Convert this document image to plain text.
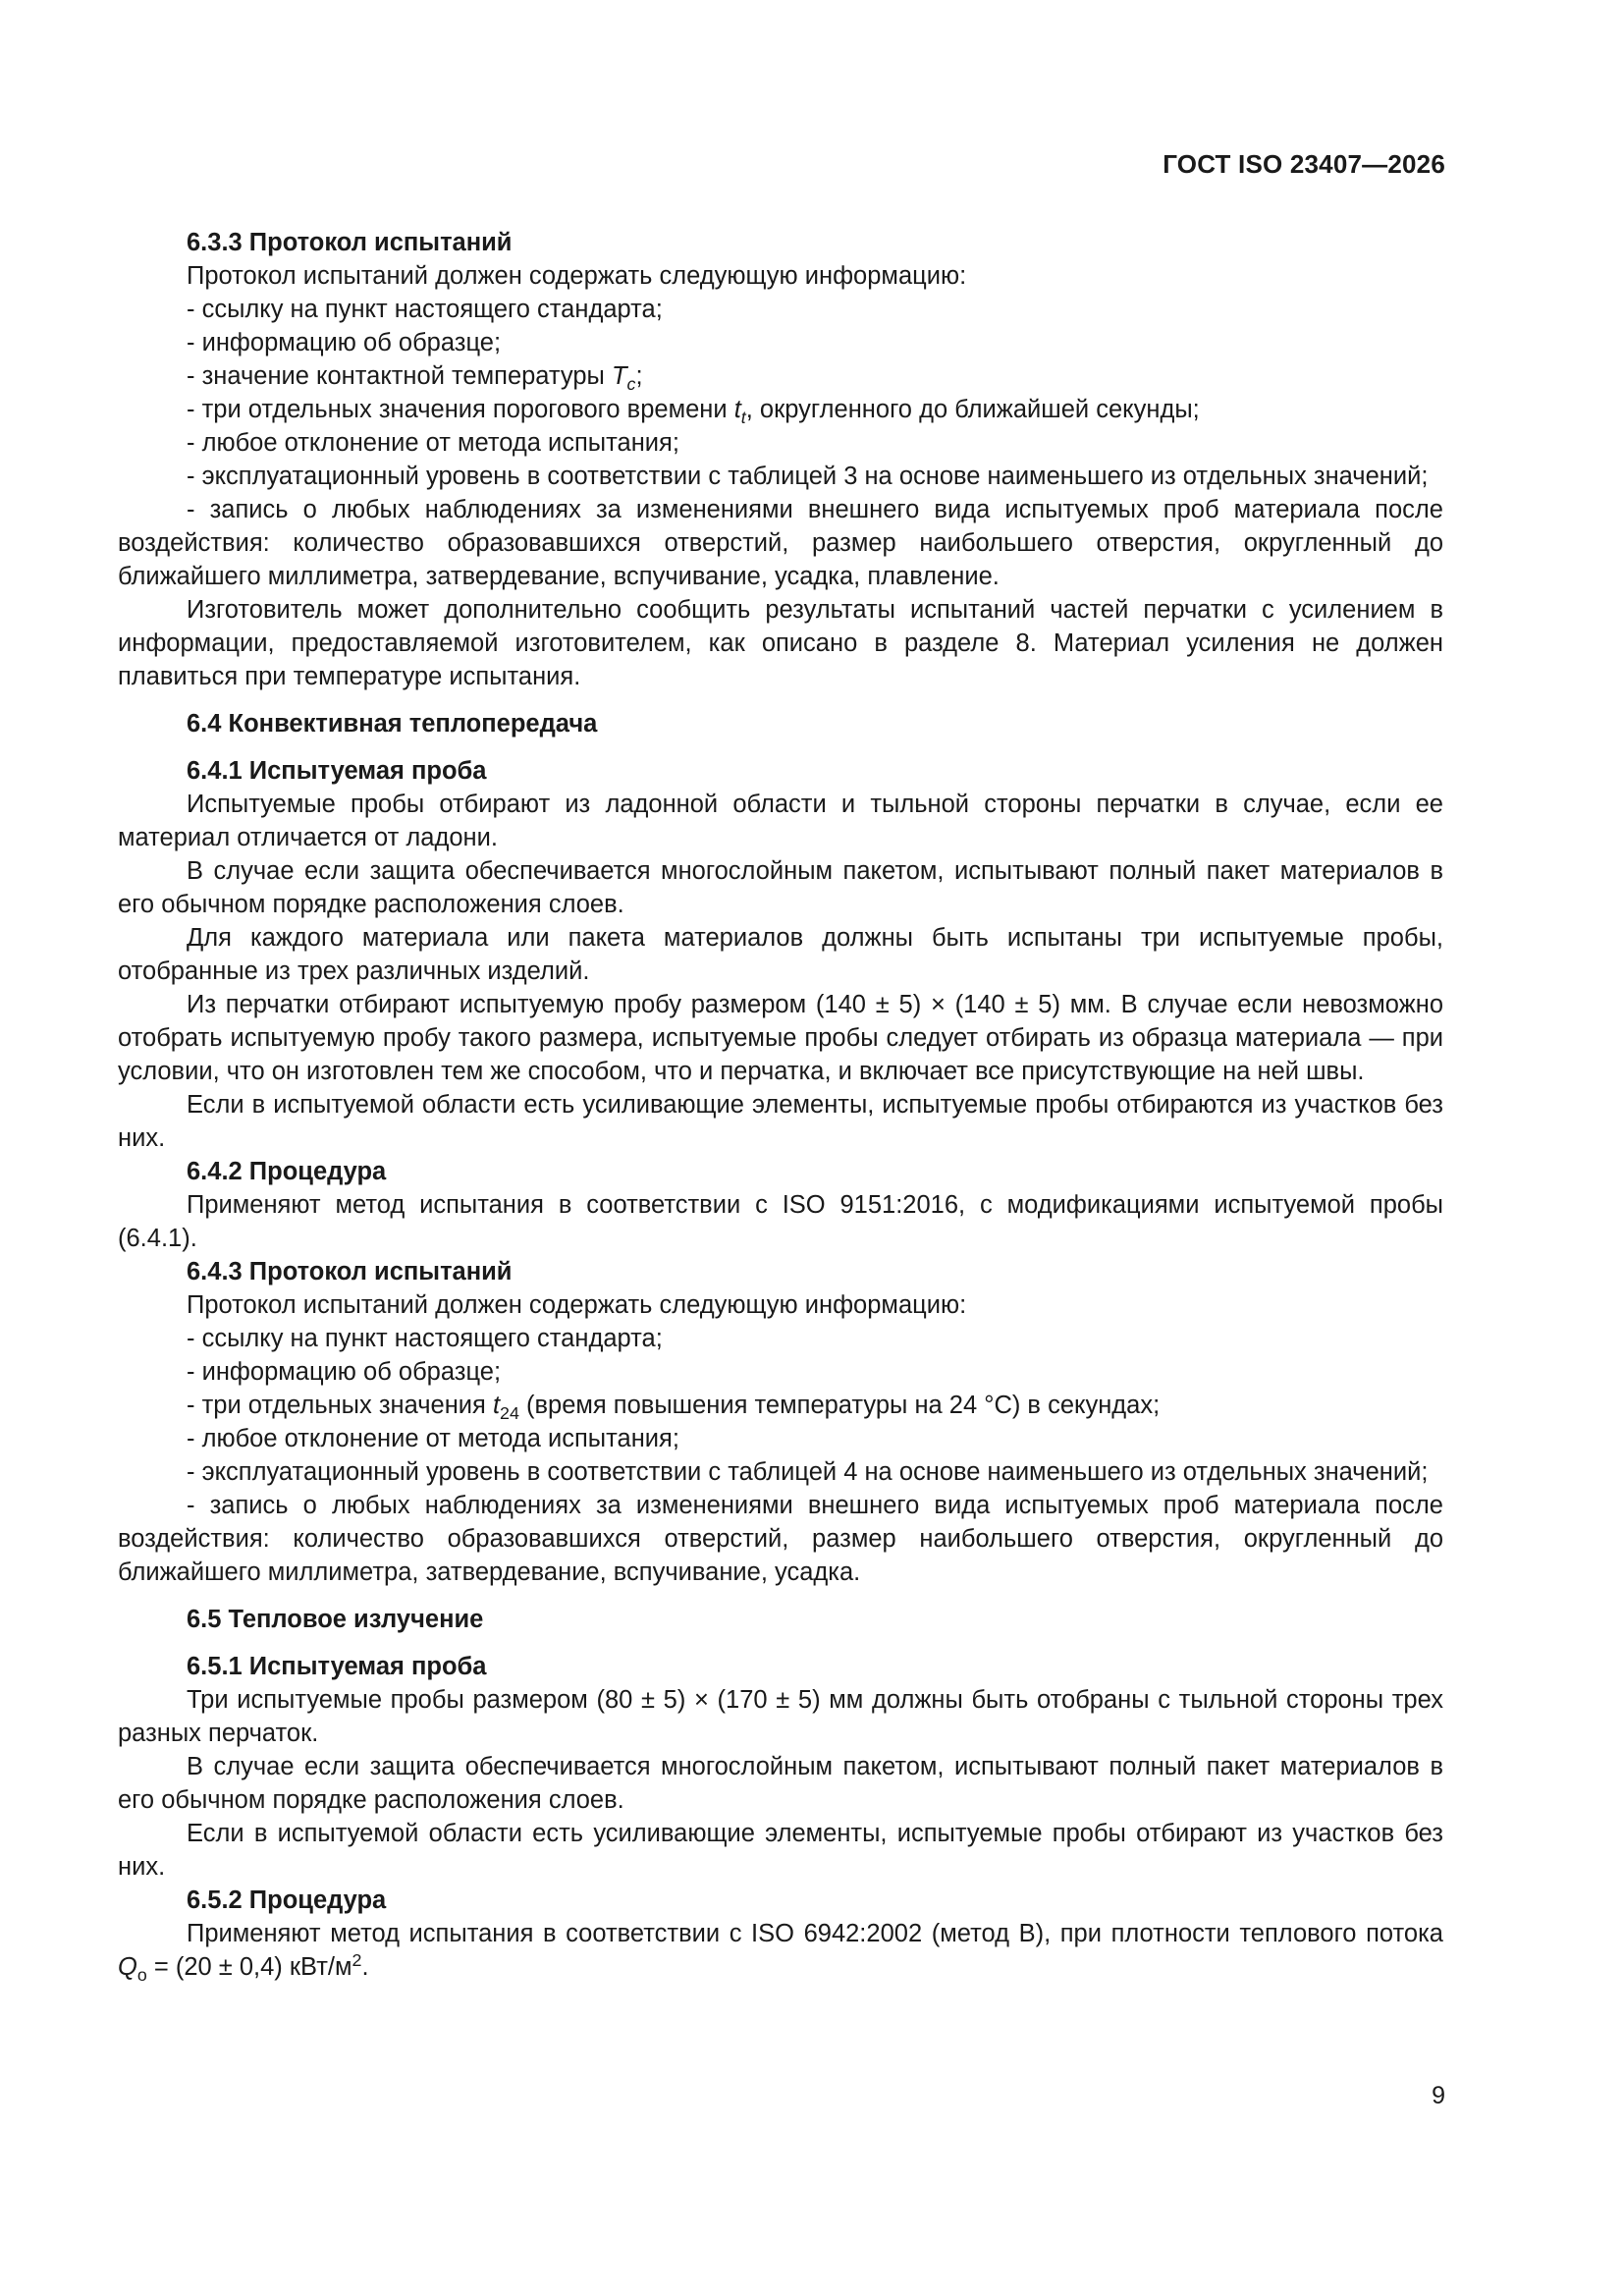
ГОСТ ISO 23407—2026
6.3.3 Протокол испытаний

Протокол испытаний должен содержать следующую информацию:

- ссылку на пункт настоящего стандарта;

- информацию об образце;

- значение контактной температуры $T_c$;

- три отдельных значения порогового времени $t_t$, округленного до ближайшей секунды;

- любое отклонение от метода испытания;

- эксплуатационный уровень в соответствии с таблицей 3 на основе наименьшего из отдельных значений;

- запись о любых наблюдениях за изменениями внешнего вида испытуемых проб материала после воздействия: количество образовавшихся отверстий, размер наибольшего отверстия, округленный до ближайшего миллиметра, затвердевание, вспучивание, усадка, плавление.

Изготовитель может дополнительно сообщить результаты испытаний частей перчатки с усилением в информации, предоставляемой изготовителем, как описано в разделе 8. Материал усиления не должен плавиться при температуре испытания.

6.4 Конвективная теплопередача
6.4.1 Испытуемая проба

Испытуемые пробы отбирают из ладонной области и тыльной стороны перчатки в случае, если ее материал отличается от ладони.

В случае если защита обеспечивается многослойным пакетом, испытывают полный пакет материалов в его обычном порядке расположения слоев.

Для каждого материала или пакета материалов должны быть испытаны три испытуемые пробы, отобранные из трех различных изделий.

Из перчатки отбирают испытуемую пробу размером (140 ± 5) × (140 ± 5) мм. В случае если невозможно отобрать испытуемую пробу такого размера, испытуемые пробы следует отбирать из образца материала — при условии, что он изготовлен тем же способом, что и перчатка, и включает все присутствующие на ней швы.

Если в испытуемой области есть усиливающие элементы, испытуемые пробы отбираются из участков без них.

6.4.2 Процедура

Применяют метод испытания в соответствии с ISO 9151:2016, с модификациями испытуемой пробы (6.4.1).

6.4.3 Протокол испытаний

Протокол испытаний должен содержать следующую информацию:

- ссылку на пункт настоящего стандарта;

- информацию об образце;

- три отдельных значения $t_{24}$ (время повышения температуры на 24 °С) в секундах;

- любое отклонение от метода испытания;

- эксплуатационный уровень в соответствии с таблицей 4 на основе наименьшего из отдельных значений;

- запись о любых наблюдениях за изменениями внешнего вида испытуемых проб материала после воздействия: количество образовавшихся отверстий, размер наибольшего отверстия, округленный до ближайшего миллиметра, затвердевание, вспучивание, усадка.

6.5 Тепловое излучение
6.5.1 Испытуемая проба

Три испытуемые пробы размером (80 ± 5) × (170 ± 5) мм должны быть отобраны с тыльной стороны трех разных перчаток.

В случае если защита обеспечивается многослойным пакетом, испытывают полный пакет материалов в его обычном порядке расположения слоев.

Если в испытуемой области есть усиливающие элементы, испытуемые пробы отбирают из участков без них.

6.5.2 Процедура

Применяют метод испытания в соответствии с ISO 6942:2002 (метод В), при плотности теплового потока $Q_о = (20 \pm 0,4)$ кВт/$м^2$.

9
